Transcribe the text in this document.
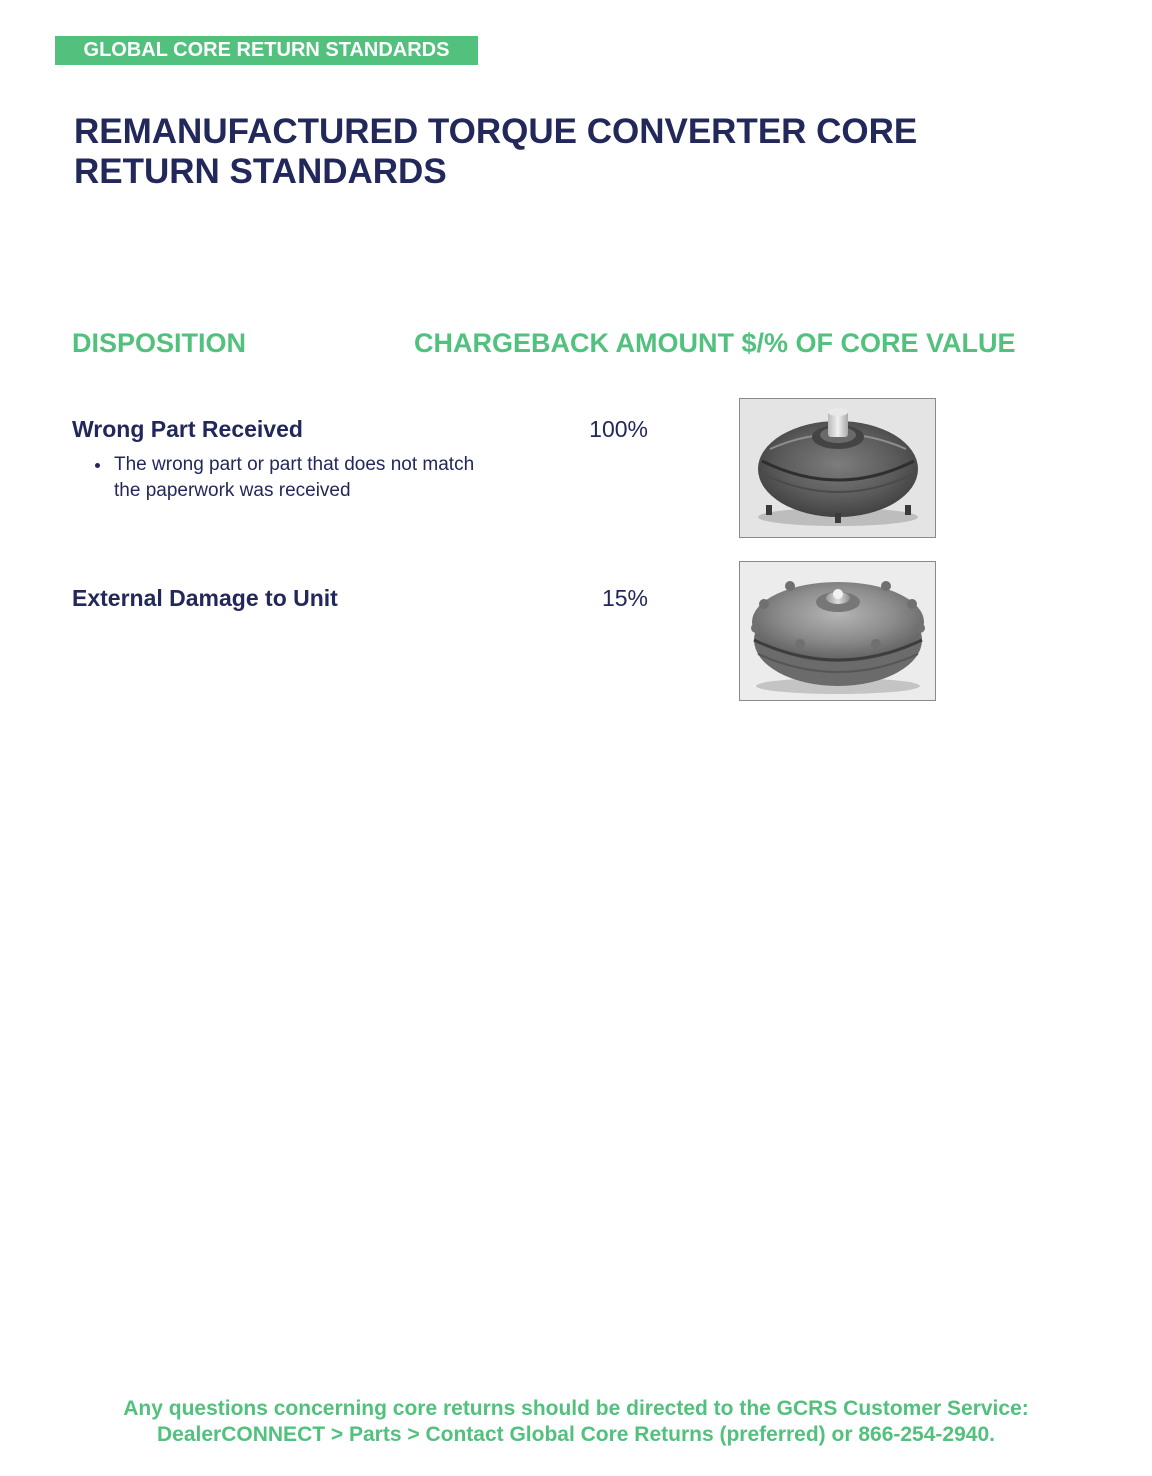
GLOBAL CORE RETURN STANDARDS
REMANUFACTURED TORQUE CONVERTER CORE RETURN STANDARDS
DISPOSITION	CHARGEBACK AMOUNT $/% OF CORE VALUE
Wrong Part Received	100%
• The wrong part or part that does not match the paperwork was received
External Damage to Unit	15%
Any questions concerning core returns should be directed to the GCRS Customer Service:
DealerCONNECT > Parts > Contact Global Core Returns (preferred) or 866-254-2940.
